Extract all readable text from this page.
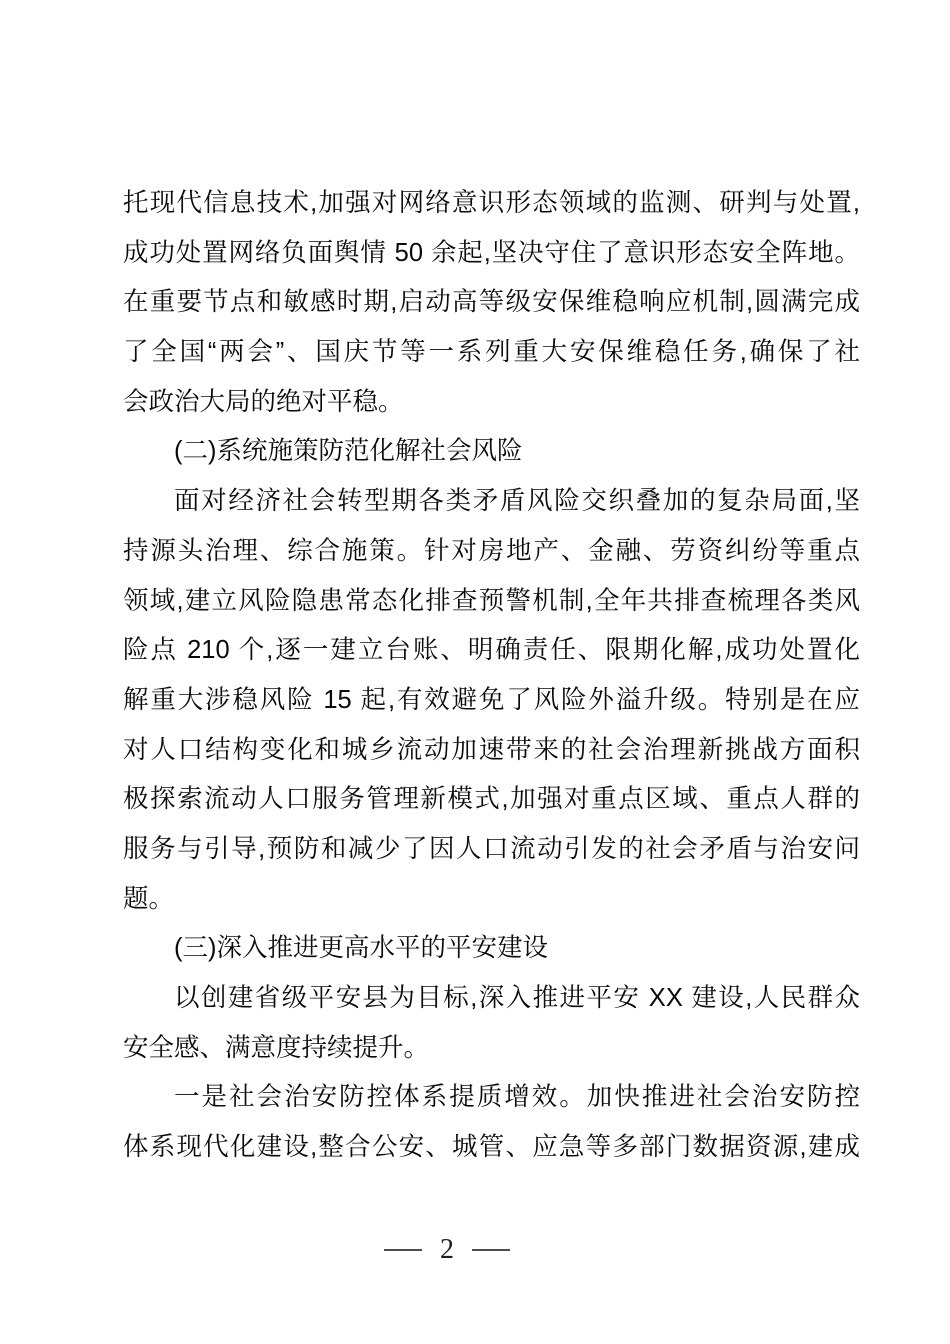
托现代信息技术,加强对网络意识形态领域的监测、研判与处置,
成功处置网络负面舆情 50 余起,坚决守住了意识形态安全阵地。
在重要节点和敏感时期,启动高等级安保维稳响应机制,圆满完成
了全国“两会”、国庆节等一系列重大安保维稳任务,确保了社
会政治大局的绝对平稳。
(二)系统施策防范化解社会风险
面对经济社会转型期各类矛盾风险交织叠加的复杂局面,坚
持源头治理、综合施策。针对房地产、金融、劳资纠纷等重点
领域,建立风险隐患常态化排查预警机制,全年共排查梳理各类风
险点 210 个,逐一建立台账、明确责任、限期化解,成功处置化
解重大涉稳风险 15 起,有效避免了风险外溢升级。特别是在应
对人口结构变化和城乡流动加速带来的社会治理新挑战方面积
极探索流动人口服务管理新模式,加强对重点区域、重点人群的
服务与引导,预防和减少了因人口流动引发的社会矛盾与治安问
题。
(三)深入推进更高水平的平安建设
以创建省级平安县为目标,深入推进平安 XX 建设,人民群众
安全感、满意度持续提升。
一是社会治安防控体系提质增效。加快推进社会治安防控
体系现代化建设,整合公安、城管、应急等多部门数据资源,建成
2
